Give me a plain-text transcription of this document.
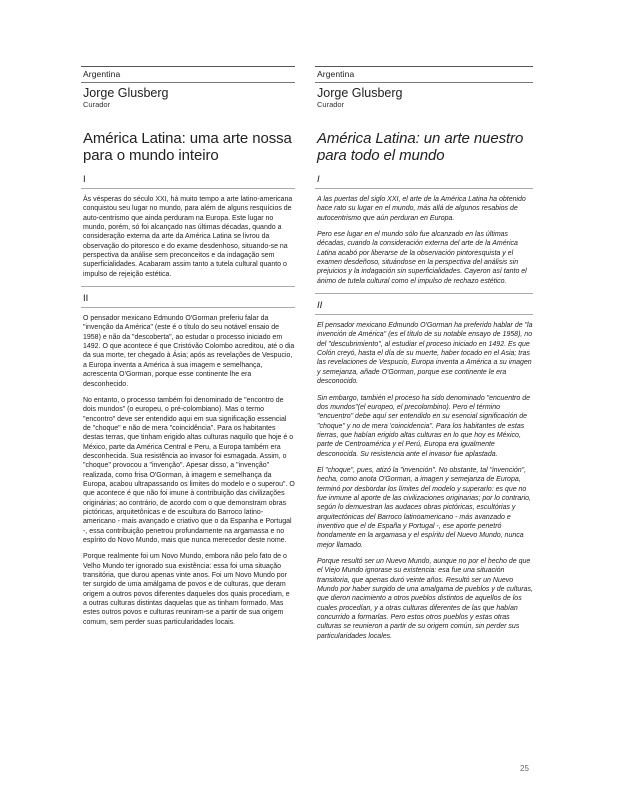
Argentina
Jorge Glusberg
Curador
América Latina: uma arte nossa para o mundo inteiro
I

Às vésperas do século XXI, há muito tempo a arte latino-americana conquistou seu lugar no mundo, para além de alguns resquícios de auto-centrismo que ainda perduram na Europa. Este lugar no mundo, porém, só foi alcançado nas últimas décadas, quando a consideração externa da arte da América Latina se livrou da observação do pitoresco e do exame desdenhoso, situando-se na perspectiva da análise sem preconceitos e da indagação sem superficialidades. Acabaram assim tanto a tutela cultural quanto o impulso de rejeição estética.

II

O pensador mexicano Edmundo O'Gorman preferiu falar da "invenção da América" (este é o título do seu notável ensaio de 1958) e não da "descoberta", ao estudar o processo iniciado em 1492. O que acontece é que Cristóvão Colombo acreditou, até o dia da sua morte, ter chegado à Ásia; após as revelações de Vespucio, a Europa inventa a América à sua imagem e semelhança, acrescenta O'Gorman, porque esse continente lhe era desconhecido.

No entanto, o processo também foi denominado de "encontro de dois mundos" (o europeu, o pré-colombiano). Mas o termo "encontro" deve ser entendido aqui em sua significação essencial de "choque" e não de mera "coincidência". Para os habitantes destas terras, que tinham erigido altas culturas naquilo que hoje é o México, parte da América Central e Peru, a Europa também era desconhecida. Sua resistência ao invasor foi esmagada. Assim, o "choque" provocou a "invenção". Apesar disso, a "invenção" realizada, como frisa O'Gorman, à imagem e semelhança da Europa, acabou ultrapassando os limites do modelo e o superou". O que acontece é que não foi imune à contribuição das civilizações originárias; ao contrário, de acordo com o que demonstram obras pictóricas, arquitetônicas e de escultura do Barroco latino-americano - mais avançado e criativo que o da Espanha e Portugal -, essa contribuição penetrou profundamente na argamassa e no espírito do Novo Mundo, mais que nunca merecedor deste nome.

Porque realmente foi um Novo Mundo, embora não pelo fato de o Velho Mundo ter ignorado sua existência: essa foi uma situação transitória, que durou apenas vinte anos. Foi um Novo Mundo por ter surgido de uma amálgama de povos e de culturas, que deram origem a outros povos diferentes daqueles dos quais procediam, e a outras culturas distintas daquelas que as tinham formado. Mas estes outros povos e culturas reuniram-se a partir de sua origem comum, sem perder suas particularidades locais.

Argentina
Jorge Glusberg
Curador
América Latina: un arte nuestro para todo el mundo
I

A las puertas del siglo XXI, el arte de la América Latina ha obtenido hace rato su lugar en el mundo, más allá de algunos resabios de autocentrismo que aún perduran en Europa.

Pero ese lugar en el mundo sólo fue alcanzado en las últimas décadas, cuando la consideración externa del arte de la América Latina acabó por liberarse de la observación pintoresquista y el examen desdeñoso, situándose en la perspectiva del análisis sin prejuicios y la indagación sin superficialidades. Cayeron así tanto el ánimo de tutela cultural como el impulso de rechazo estético.

II

El pensador mexicano Edmundo O'Gorman ha preferido hablar de "la invención de América" (es el título de su notable ensayo de 1958), no del "descubrimiento", al estudiar el proceso iniciado en 1492. Es que Colón creyó, hasta el día de su muerte, haber tocado en el Asia; tras las revelaciones de Vespucio, Europa inventa a América a su imagen y semejanza, añade O'Gorman, porque ese continente le era desconocido.

Sin embargo, también el proceso ha sido denominado "encuentro de dos mundos"(el europeo, el precolombino). Pero el término "encuentro" debe aquí ser entendido en su esencial significación de "choque" y no de mera 'coincidencia". Para los habitantes de estas tierras, que habían erigido altas culturas en lo que hoy es México, parte de Centroamérica y el Perú, Europa era igualmente desconocida. Su resistencia ante el invasor fue aplastada.

El "choque", pues, atizó la "invención". No obstante, tal "invención", hecha, como anota O'Gorman, a imagen y semejanza de Europa, terminó por desbordar los límites del modelo y superarlo: es que no fue inmune al aporte de las civilizaciones originarias; por lo contrario, según lo demuestran las audaces obras pictóricas, escultórias y arquitectónicas del Barroco latinoamericano - más avanzado e inventivo que el de España y Portugal -, ese aporte penetró hondamente en la argamasa y el espíritu del Nuevo Mundo, nunca mejor llamado.

Porque resultó ser un Nuevo Mundo, aunque no por el hecho de que el Viejo Mundo ignorase su existencia: esa fue una situación transitoria, que apenas duró veinte años. Resultó ser un Nuevo Mundo por haber surgido de una amalgama de pueblos y de culturas, que dieron nacimiento a otros pueblos distintos de aquellos de los cuales procedían, y a otras culturas diferentes de las que habían concurrido a formarlas. Pero estos otros pueblos y estas otras culturas se reunieron a partir de su origem común, sin perder sus particularidades locales.

25
